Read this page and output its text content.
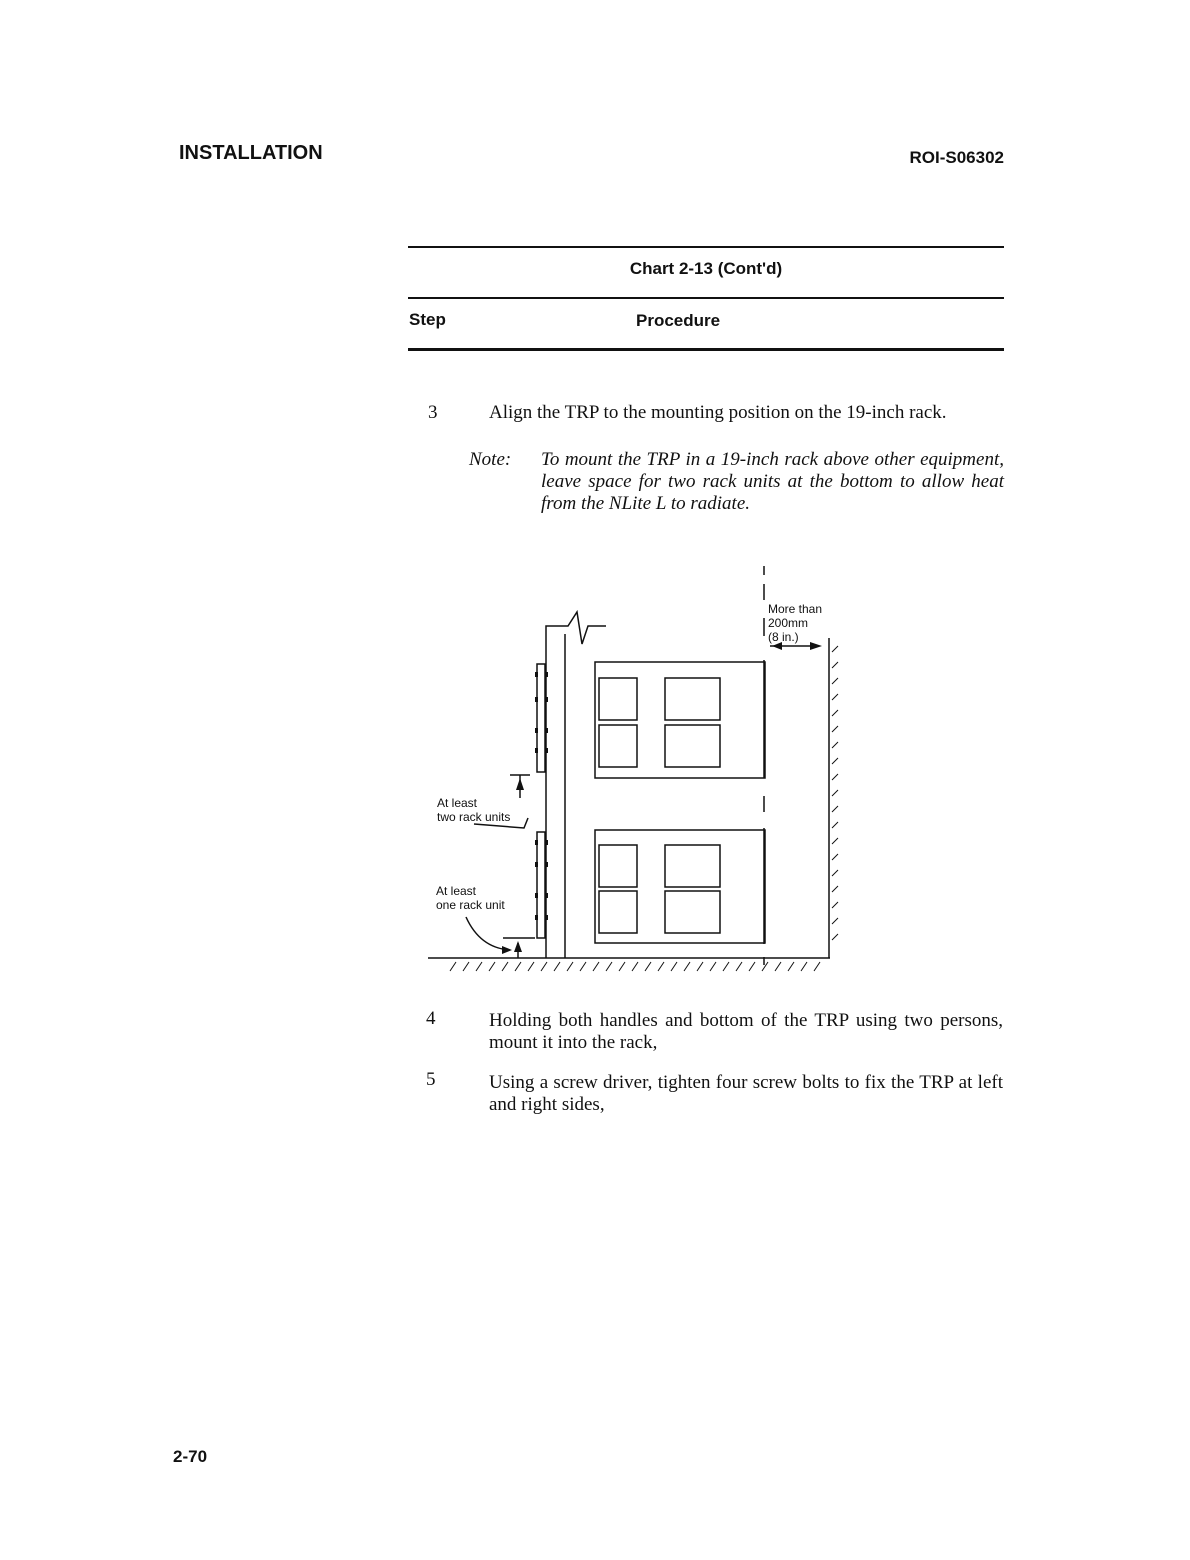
INSTALLATION	ROI-S06302
Chart 2-13 (Cont'd)
Step	Procedure
3	Align the TRP to the mounting position on the 19-inch rack.
Note: To mount the TRP in a 19-inch rack above other equipment, leave space for two rack units at the bottom to allow heat from the NLite L to radiate.
More than
200mm
(8 in.)
At least
two rack units
At least
one rack unit
4	Holding both handles and bottom of the TRP using two persons, mount it into the rack,
5	Using a screw driver, tighten four screw bolts to fix the TRP at left and right sides,
2-70
